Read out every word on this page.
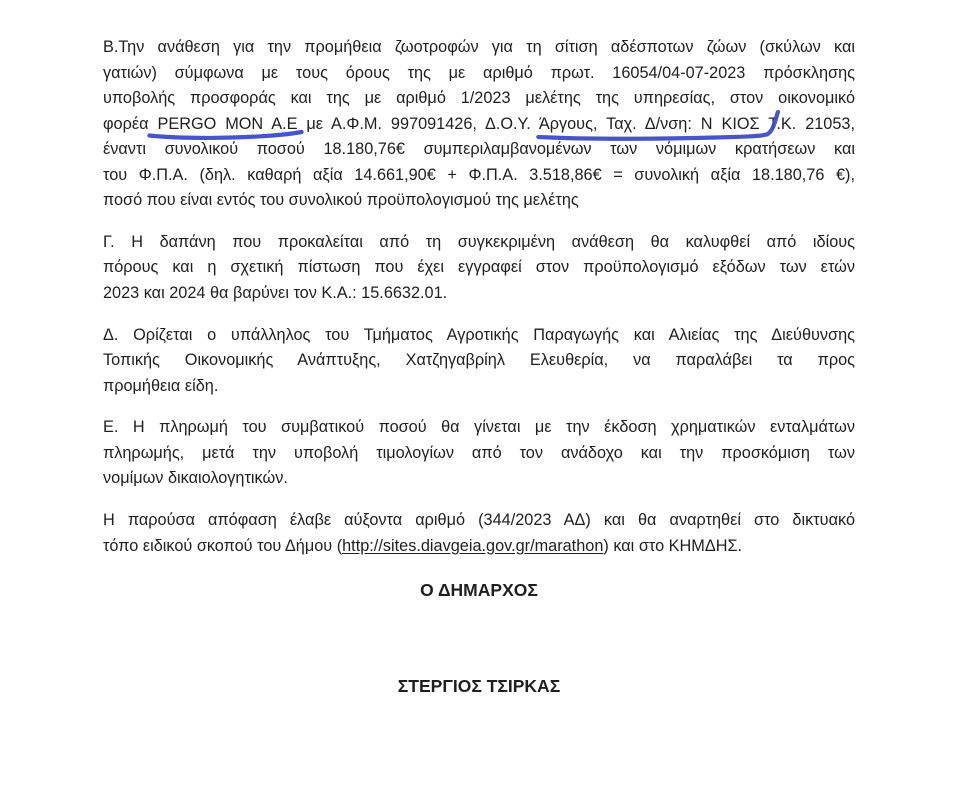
Β.Την ανάθεση για την προμήθεια ζωοτροφών για τη σίτιση αδέσποτων ζώων (σκύλων και
γατιών) σύμφωνα με τους όρους της με αριθμό πρωτ. 16054/04-07-2023 πρόσκλησης
υποβολής προσφοράς και της με αριθμό 1/2023 μελέτης της υπηρεσίας, στον οικονομικό
φορέα PERGO MON A.E
με Α.Φ.Μ. 997091426, Δ.Ο.Υ. Άργους, Ταχ. Δ/νση: Ν ΚΙΟΣ Τ.Κ.
21053,
έναντι συνολικού ποσού 18.180,76€ συμπεριλαμβανομένων των νόμιμων κρατήσεων και
του Φ.Π.Α. (δηλ. καθαρή αξία 14.661,90€ + Φ.Π.Α. 3.518,86€ = συνολική αξία 18.180,76 €),
ποσό που είναι εντός του συνολικού προϋπολογισμού της μελέτης

Γ. Η δαπάνη που προκαλείται από τη συγκεκριμένη ανάθεση θα καλυφθεί από ιδίους
πόρους και η σχετική πίστωση που έχει εγγραφεί στον προϋπολογισμό εξόδων των ετών
2023 και 2024 θα βαρύνει τον Κ.Α.: 15.6632.01.

Δ. Ορίζεται ο υπάλληλος του Τμήματος Αγροτικής Παραγωγής και Αλιείας της Διεύθυνσης
Τοπικής Οικονομικής Ανάπτυξης, Χατζηγαβρίηλ Ελευθερία, να παραλάβει τα προς
προμήθεια είδη.

Ε. Η πληρωμή του συμβατικού ποσού θα γίνεται με την έκδοση χρηματικών ενταλμάτων
πληρωμής, μετά την υποβολή τιμολογίων από τον ανάδοχο και την προσκόμιση των
νομίμων δικαιολογητικών.

Η παρούσα απόφαση έλαβε αύξοντα αριθμό (344/2023 ΑΔ) και θα αναρτηθεί στο δικτυακό
τόπο ειδικού σκοπού του Δήμου (http://sites.diavgeia.gov.gr/marathon) και στο ΚΗΜΔΗΣ.

Ο ΔΗΜΑΡΧΟΣ
ΣΤΕΡΓΙΟΣ ΤΣΙΡΚΑΣ
